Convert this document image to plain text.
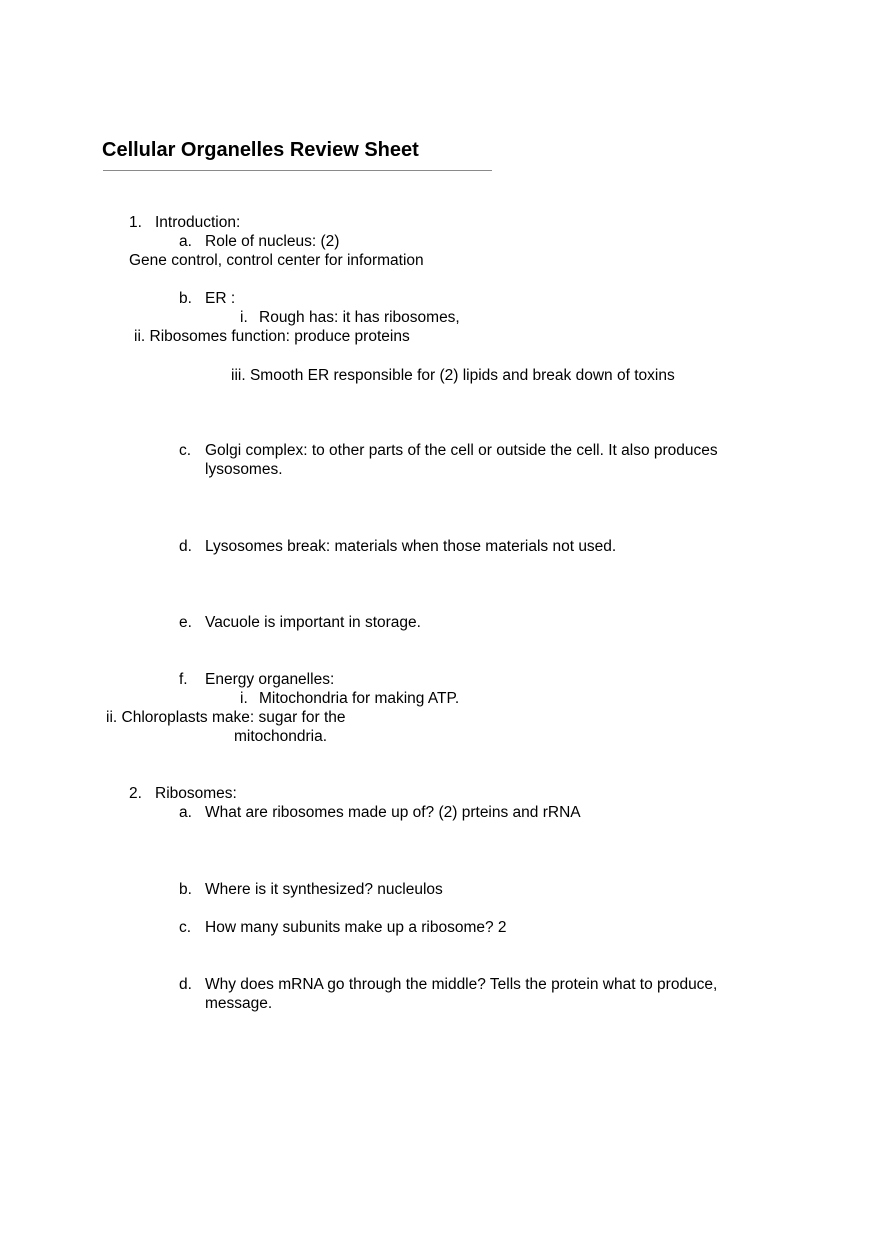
Cellular Organelles Review Sheet
1. Introduction:
a. Role of nucleus: (2)
Gene control, control center for information
b. ER :
i. Rough has: it has ribosomes,
ii. Ribosomes function: produce proteins
iii. Smooth ER responsible for (2) lipids and break down of toxins
c. Golgi complex: to other parts of the cell or outside the cell. It also produces lysosomes.
d. Lysosomes break: materials when those materials not used.
e. Vacuole is important in storage.
f. Energy organelles:
i. Mitochondria for making ATP.
ii. Chloroplasts make: sugar for the
mitochondria.
2. Ribosomes:
a. What are ribosomes made up of? (2) prteins and rRNA
b. Where is it synthesized? nucleulos
c. How many subunits make up a ribosome? 2
d. Why does mRNA go through the middle? Tells the protein what to produce, message.
